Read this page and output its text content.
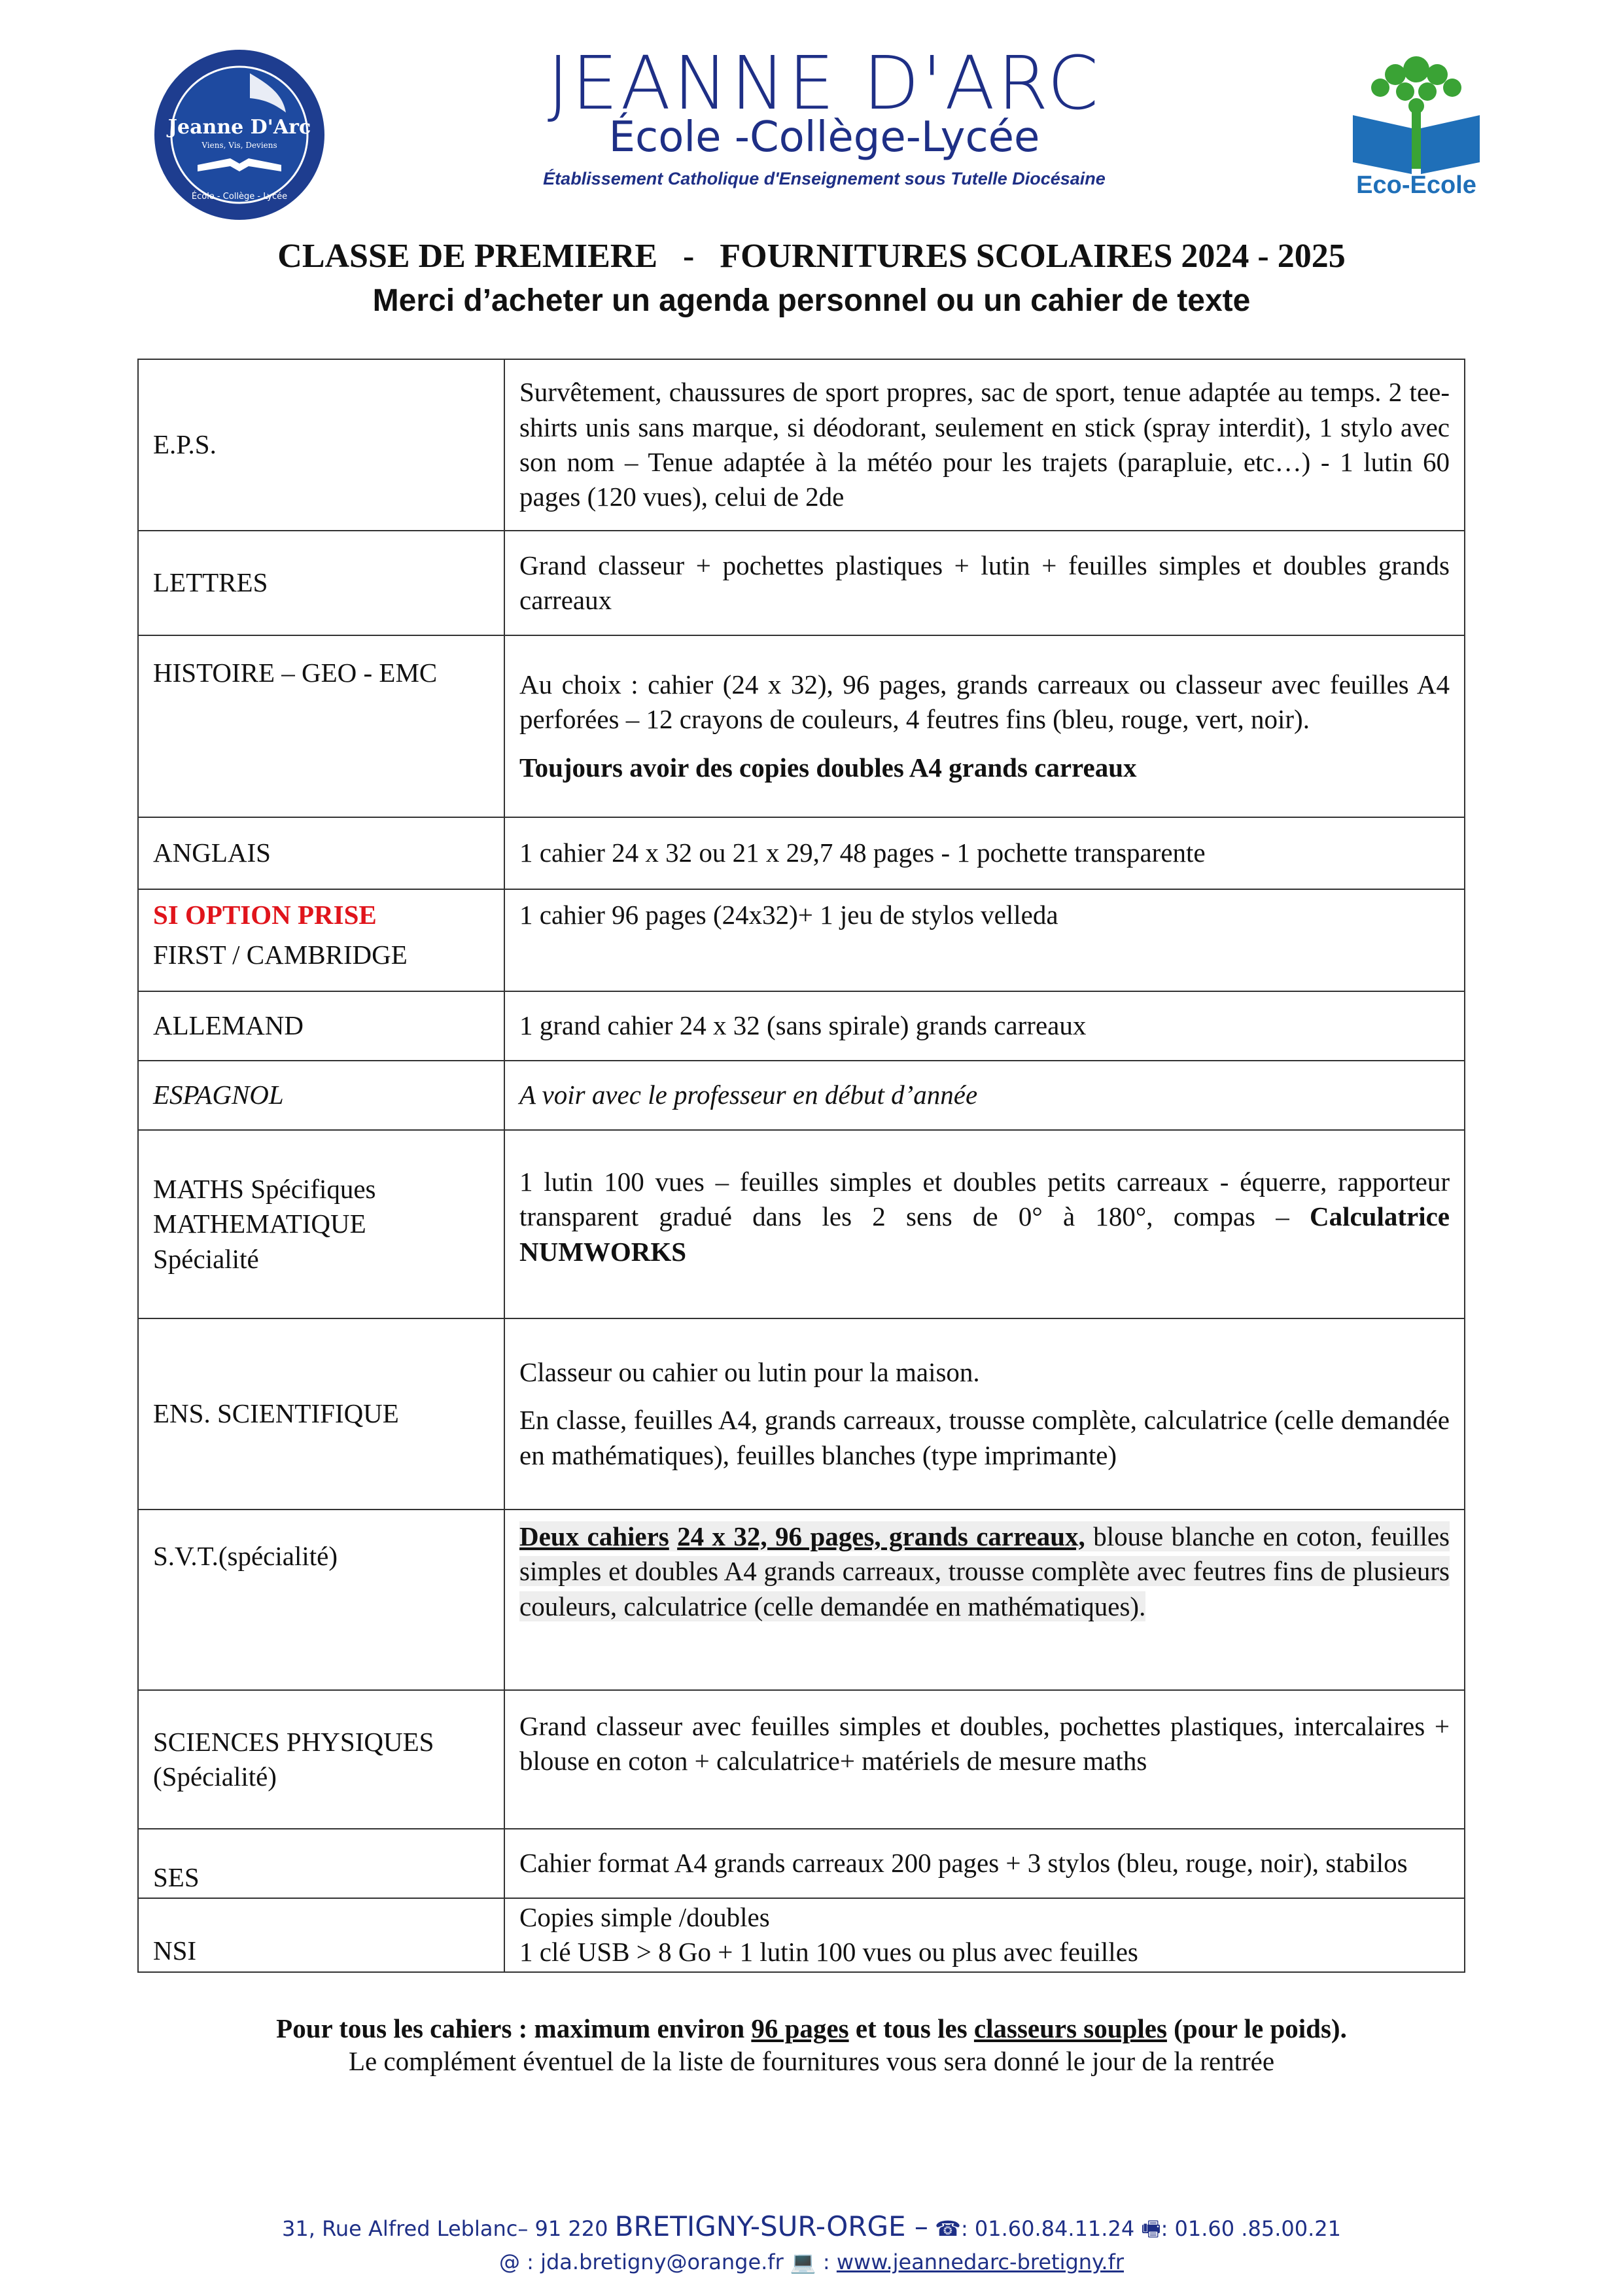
Jeanne D'Arc
Viens, Vis, Deviens
École - Collège - Lycée
JEANNE D'ARC
École -Collège-Lycée
Établissement Catholique d'Enseignement sous Tutelle Diocésaine	Eco-Ecole
CLASSE DE PREMIERE   -   FOURNITURES SCOLAIRES 2024 - 2025
Merci d’acheter un agenda personnel ou un cahier de texte
E.P.S.	Survêtement, chaussures de sport propres, sac de sport, tenue adaptée au temps. 2 tee-shirts unis sans marque, si déodorant, seulement en stick (spray interdit), 1 stylo avec son nom – Tenue adaptée à la météo pour les trajets (parapluie, etc…) - 1 lutin 60 pages (120 vues), celui de 2de
LETTRES	Grand classeur + pochettes plastiques + lutin + feuilles simples et doubles grands carreaux
HISTOIRE – GEO - EMC	Au choix : cahier (24 x 32), 96 pages, grands carreaux ou classeur avec feuilles A4 perforées – 12 crayons de couleurs, 4 feutres fins (bleu, rouge, vert, noir).

Toujours avoir des copies doubles A4 grands carreaux

ANGLAIS	1 cahier 24 x 32 ou 21 x 29,7 48 pages - 1 pochette transparente

SI OPTION PRISE
FIRST / CAMBRIDGE	1 cahier 96 pages (24x32)+ 1 jeu de stylos velleda
ALLEMAND	1 grand cahier 24 x 32 (sans spirale) grands carreaux
ESPAGNOL	A voir avec le professeur en début d’année

MATHS Spécifiques
MATHEMATIQUE
Spécialité	1 lutin 100 vues – feuilles simples et doubles petits carreaux - équerre, rapporteur transparent gradué dans les 2 sens de 0° à 180°, compas – Calculatrice NUMWORKS
ENS. SCIENTIFIQUE	Classeur ou cahier ou lutin pour la maison.

En classe, feuilles A4, grands carreaux, trousse complète, calculatrice (celle demandée en mathématiques), feuilles blanches (type imprimante)

S.V.T.(spécialité)	Deux cahiers 24 x 32, 96 pages, grands carreaux, blouse blanche en coton, feuilles simples et doubles A4 grands carreaux, trousse complète avec feutres fins de plusieurs couleurs, calculatrice (celle demandée en mathématiques).

SCIENCES PHYSIQUES
(Spécialité)	Grand classeur avec feuilles simples et doubles, pochettes plastiques, intercalaires + blouse en coton + calculatrice+ matériels de mesure maths
SES	Cahier format A4 grands carreaux 200 pages + 3 stylos (bleu, rouge, noir), stabilos
NSI	Copies simple /doubles
1 clé USB > 8 Go + 1 lutin 100 vues ou plus avec feuilles
Pour tous les cahiers : maximum environ 96 pages et tous les classeurs souples (pour le poids).
Le complément éventuel de la liste de fournitures vous sera donné le jour de la rentrée
31, Rue Alfred Leblanc– 91 220 BRETIGNY-SUR-ORGE – ☎: 01.60.84.11.24 🖷: 01.60 .85.00.21
@ : jda.bretigny@orange.fr 💻 : www.jeannedarc-bretigny.fr
